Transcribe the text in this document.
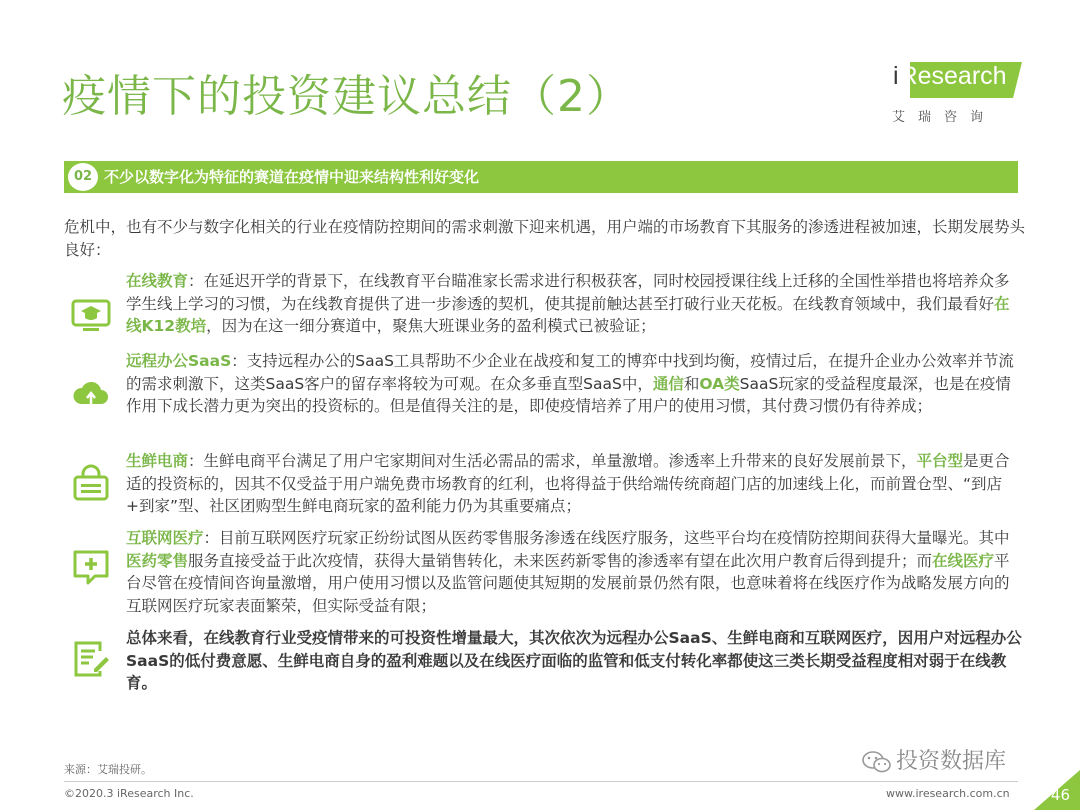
疫情下的投资建议总结（2）	iResearch
艾瑞咨询
02 不少以数字化为特征的赛道在疫情中迎来结构性利好变化
危机中，也有不少与数字化相关的行业在疫情防控期间的需求刺激下迎来机遇，用户端的市场教育下其服务的渗透进程被加速，长期发展势头良好：
在线教育：在延迟开学的背景下，在线教育平台瞄准家长需求进行积极获客，同时校园授课往线上迁移的全国性举措也将培养众多学生线上学习的习惯，为在线教育提供了进一步渗透的契机，使其提前触达甚至打破行业天花板。在线教育领域中，我们最看好在线K12教培，因为在这一细分赛道中，聚焦大班课业务的盈利模式已被验证；
远程办公SaaS：支持远程办公的SaaS工具帮助不少企业在战疫和复工的博弈中找到均衡，疫情过后，在提升企业办公效率并节流的需求刺激下，这类SaaS客户的留存率将较为可观。在众多垂直型SaaS中，通信和OA类SaaS玩家的受益程度最深，也是在疫情作用下成长潜力更为突出的投资标的。但是值得关注的是，即使疫情培养了用户的使用习惯，其付费习惯仍有待养成；
生鲜电商：生鲜电商平台满足了用户宅家期间对生活必需品的需求，单量激增。渗透率上升带来的良好发展前景下，平台型是更合适的投资标的，因其不仅受益于用户端免费市场教育的红利，也将得益于供给端传统商超门店的加速线上化，而前置仓型、“到店+到家”型、社区团购型生鲜电商玩家的盈利能力仍为其重要痛点；
互联网医疗：目前互联网医疗玩家正纷纷试图从医药零售服务渗透在线医疗服务，这些平台均在疫情防控期间获得大量曝光。其中医药零售服务直接受益于此次疫情，获得大量销售转化，未来医药新零售的渗透率有望在此次用户教育后得到提升；而在线医疗平台尽管在疫情间咨询量激增，用户使用习惯以及监管问题使其短期的发展前景仍然有限，也意味着将在线医疗作为战略发展方向的互联网医疗玩家表面繁荣，但实际受益有限；
总体来看，在线教育行业受疫情带来的可投资性增量最大，其次依次为远程办公SaaS、生鲜电商和互联网医疗，因用户对远程办公SaaS的低付费意愿、生鲜电商自身的盈利难题以及在线医疗面临的监管和低支付转化率都使这三类长期受益程度相对弱于在线教育。
来源：艾瑞投研。	投资数据库
©2020.3 iResearch Inc.	www.iresearch.com.cn	46
